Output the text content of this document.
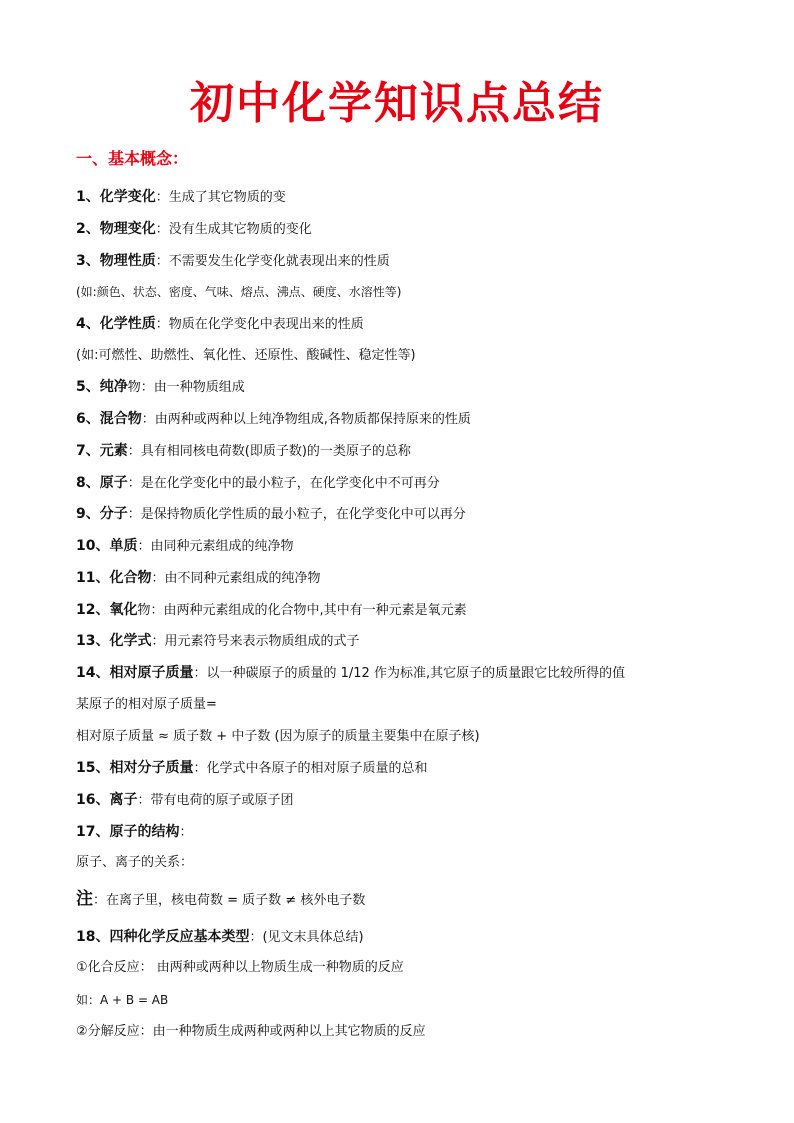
初中化学知识点总结
一、基本概念：
1、化学变化：生成了其它物质的变
2、物理变化：没有生成其它物质的变化
3、物理性质：不需要发生化学变化就表现出来的性质
(如:颜色、状态、密度、气味、熔点、沸点、硬度、水溶性等)
4、化学性质：物质在化学变化中表现出来的性质
(如:可燃性、助燃性、氧化性、还原性、酸碱性、稳定性等)
5、纯净物：由一种物质组成
6、混合物：由两种或两种以上纯净物组成,各物质都保持原来的性质
7、元素：具有相同核电荷数(即质子数)的一类原子的总称
8、原子：是在化学变化中的最小粒子，在化学变化中不可再分
9、分子：是保持物质化学性质的最小粒子，在化学变化中可以再分
10、单质：由同种元素组成的纯净物
11、化合物：由不同种元素组成的纯净物
12、氧化物：由两种元素组成的化合物中,其中有一种元素是氧元素
13、化学式：用元素符号来表示物质组成的式子
14、相对原子质量：以一种碳原子的质量的 1/12 作为标准,其它原子的质量跟它比较所得的值
某原子的相对原子质量=
相对原子质量 ≈ 质子数 + 中子数 (因为原子的质量主要集中在原子核)
15、相对分子质量：化学式中各原子的相对原子质量的总和
16、离子：带有电荷的原子或原子团
17、原子的结构：
原子、离子的关系：
注：在离子里，核电荷数 = 质子数 ≠ 核外电子数
18、四种化学反应基本类型：(见文末具体总结)
①化合反应： 由两种或两种以上物质生成一种物质的反应
如：A + B = AB
②分解反应：由一种物质生成两种或两种以上其它物质的反应
